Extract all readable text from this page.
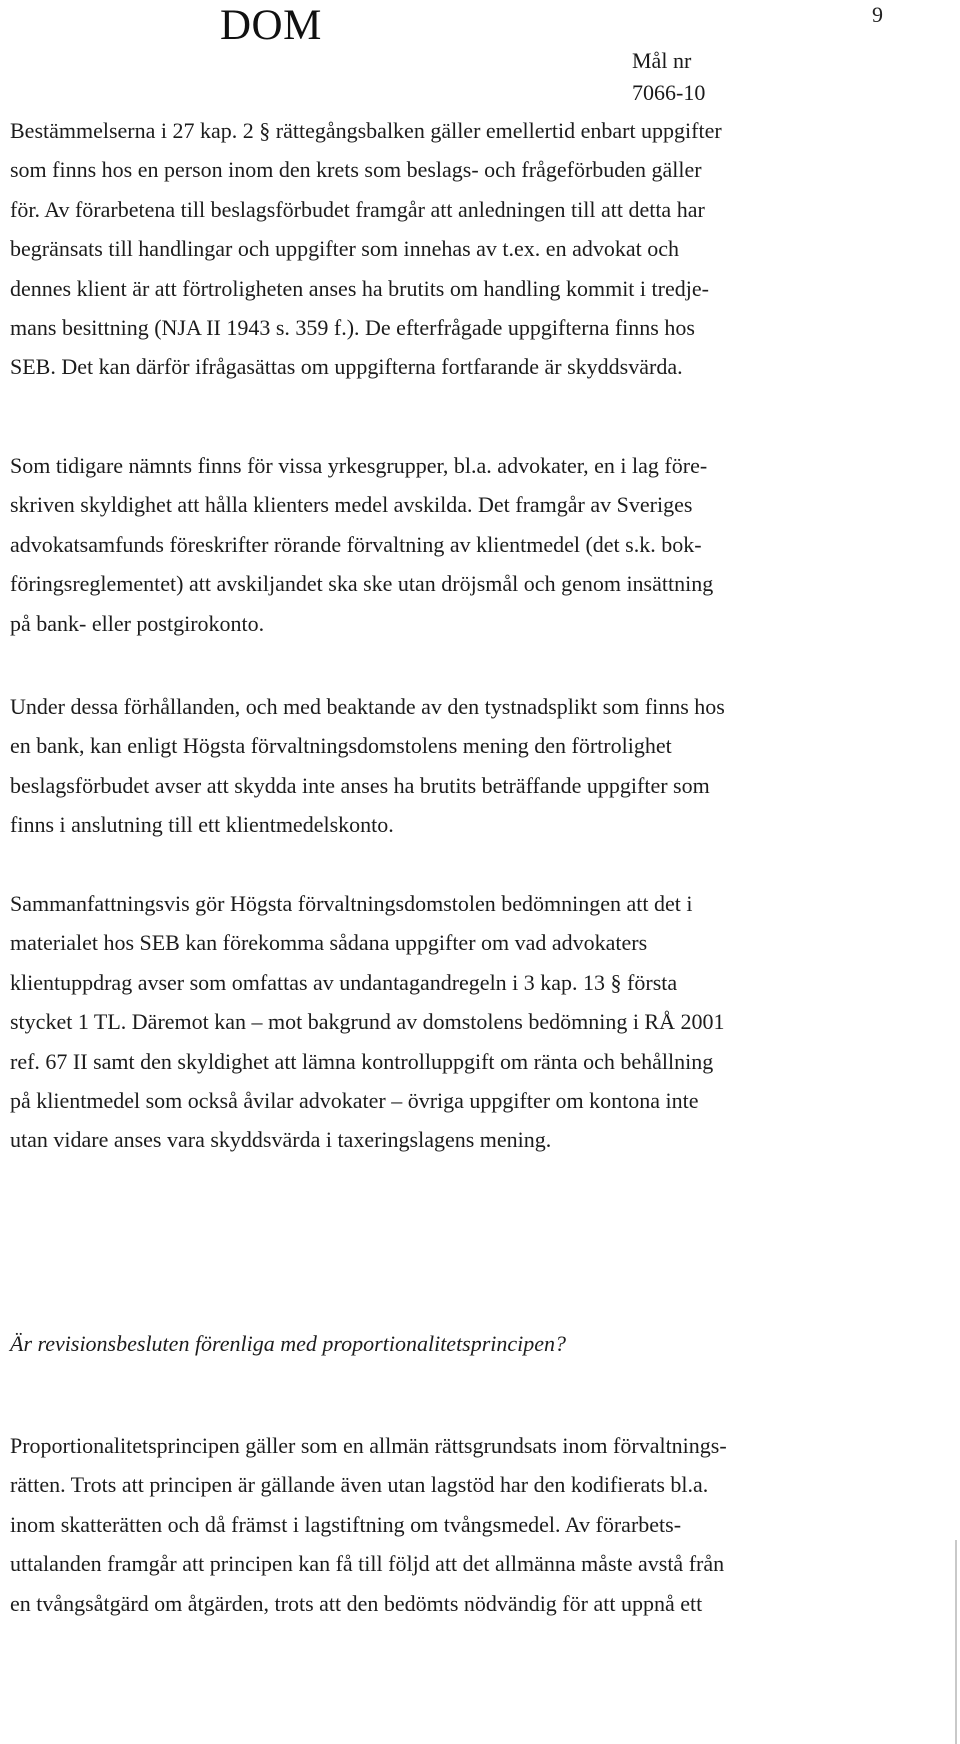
DOM	9
Mål nr
7066-10

Bestämmelserna i 27 kap. 2 § rättegångsbalken gäller emellertid enbart uppgifter
som finns hos en person inom den krets som beslags- och frågeförbuden gäller
för. Av förarbetena till beslagsförbudet framgår att anledningen till att detta har
begränsats till handlingar och uppgifter som innehas av t.ex. en advokat och
dennes klient är att förtroligheten anses ha brutits om handling kommit i tredje-
mans besittning (NJA II 1943 s. 359 f.). De efterfrågade uppgifterna finns hos
SEB. Det kan därför ifrågasättas om uppgifterna fortfarande är skyddsvärda.

Som tidigare nämnts finns för vissa yrkesgrupper, bl.a. advokater, en i lag före-
skriven skyldighet att hålla klienters medel avskilda. Det framgår av Sveriges
advokatsamfunds föreskrifter rörande förvaltning av klientmedel (det s.k. bok-
föringsreglementet) att avskiljandet ska ske utan dröjsmål och genom insättning
på bank- eller postgirokonto.

Under dessa förhållanden, och med beaktande av den tystnadsplikt som finns hos
en bank, kan enligt Högsta förvaltningsdomstolens mening den förtrolighet
beslagsförbudet avser att skydda inte anses ha brutits beträffande uppgifter som
finns i anslutning till ett klientmedelskonto.

Sammanfattningsvis gör Högsta förvaltningsdomstolen bedömningen att det i
materialet hos SEB kan förekomma sådana uppgifter om vad advokaters
klientuppdrag avser som omfattas av undantagandregeln i 3 kap. 13 § första
stycket 1 TL. Däremot kan – mot bakgrund av domstolens bedömning i RÅ 2001
ref. 67 II samt den skyldighet att lämna kontrolluppgift om ränta och behållning
på klientmedel som också åvilar advokater – övriga uppgifter om kontona inte
utan vidare anses vara skyddsvärda i taxeringslagens mening.

Är revisionsbesluten förenliga med proportionalitetsprincipen?

Proportionalitetsprincipen gäller som en allmän rättsgrundsats inom förvaltnings-
rätten. Trots att principen är gällande även utan lagstöd har den kodifierats bl.a.
inom skatterätten och då främst i lagstiftning om tvångsmedel. Av förarbets-
uttalanden framgår att principen kan få till följd att det allmänna måste avstå från
en tvångsåtgärd om åtgärden, trots att den bedömts nödvändig för att uppnå ett
